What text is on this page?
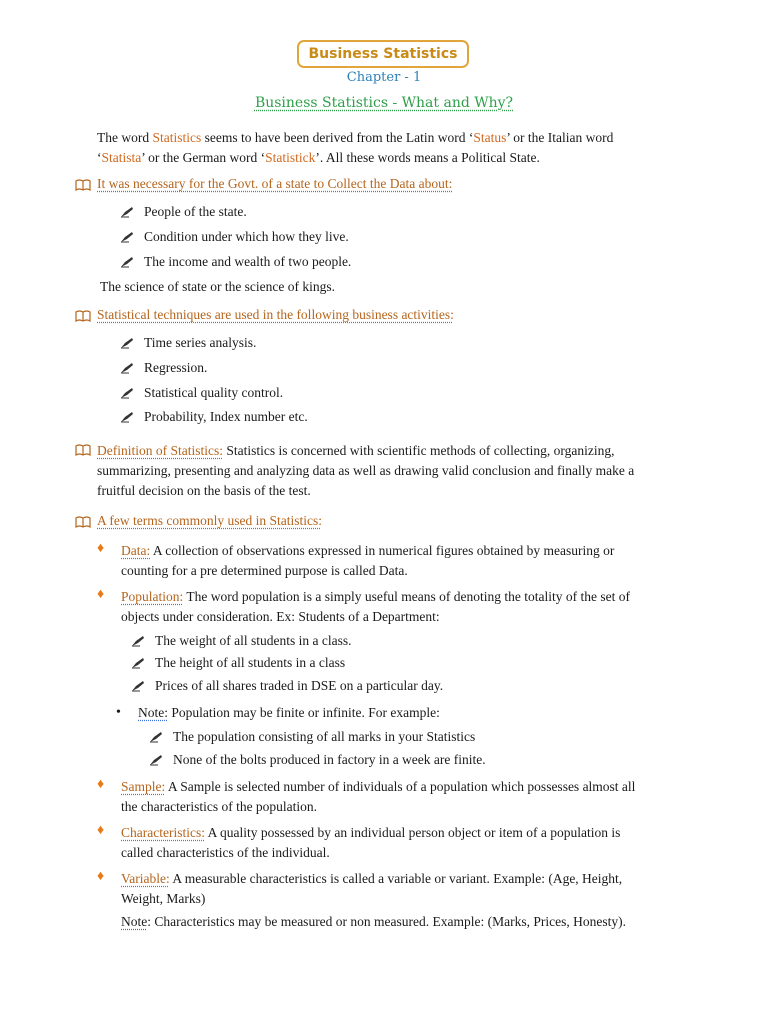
Business Statistics
Chapter - 1
Business Statistics - What and Why?
The word Statistics seems to have been derived from the Latin word ‘Status’ or the Italian word
‘Statista’ or the German word ‘Statistick’. All these words means a Political State.
It was necessary for the Govt. of a state to Collect the Data about:
People of the state.
Condition under which how they live.
The income and wealth of two people.
The science of state or the science of kings.
Statistical techniques are used in the following business activities:
Time series analysis.
Regression.
Statistical quality control.
Probability, Index number etc.
Definition of Statistics: Statistics is concerned with scientific methods of collecting, organizing,
summarizing, presenting and analyzing data as well as drawing valid conclusion and finally make a
fruitful decision on the basis of the test.
A few terms commonly used in Statistics:
♦ Data: A collection of observations expressed in numerical figures obtained by measuring or
counting for a pre determined purpose is called Data.
♦ Population: The word population is a simply useful means of denoting the totality of the set of
objects under consideration. Ex: Students of a Department:
The weight of all students in a class.
The height of all students in a class
Prices of all shares traded in DSE on a particular day.
• Note: Population may be finite or infinite. For example:
The population consisting of all marks in your Statistics
None of the bolts produced in factory in a week are finite.
♦ Sample: A Sample is selected number of individuals of a population which possesses almost all
the characteristics of the population.
♦ Characteristics: A quality possessed by an individual person object or item of a population is
called characteristics of the individual.
♦ Variable: A measurable characteristics is called a variable or variant. Example: (Age, Height,
Weight, Marks)
Note: Characteristics may be measured or non measured. Example: (Marks, Prices, Honesty).
